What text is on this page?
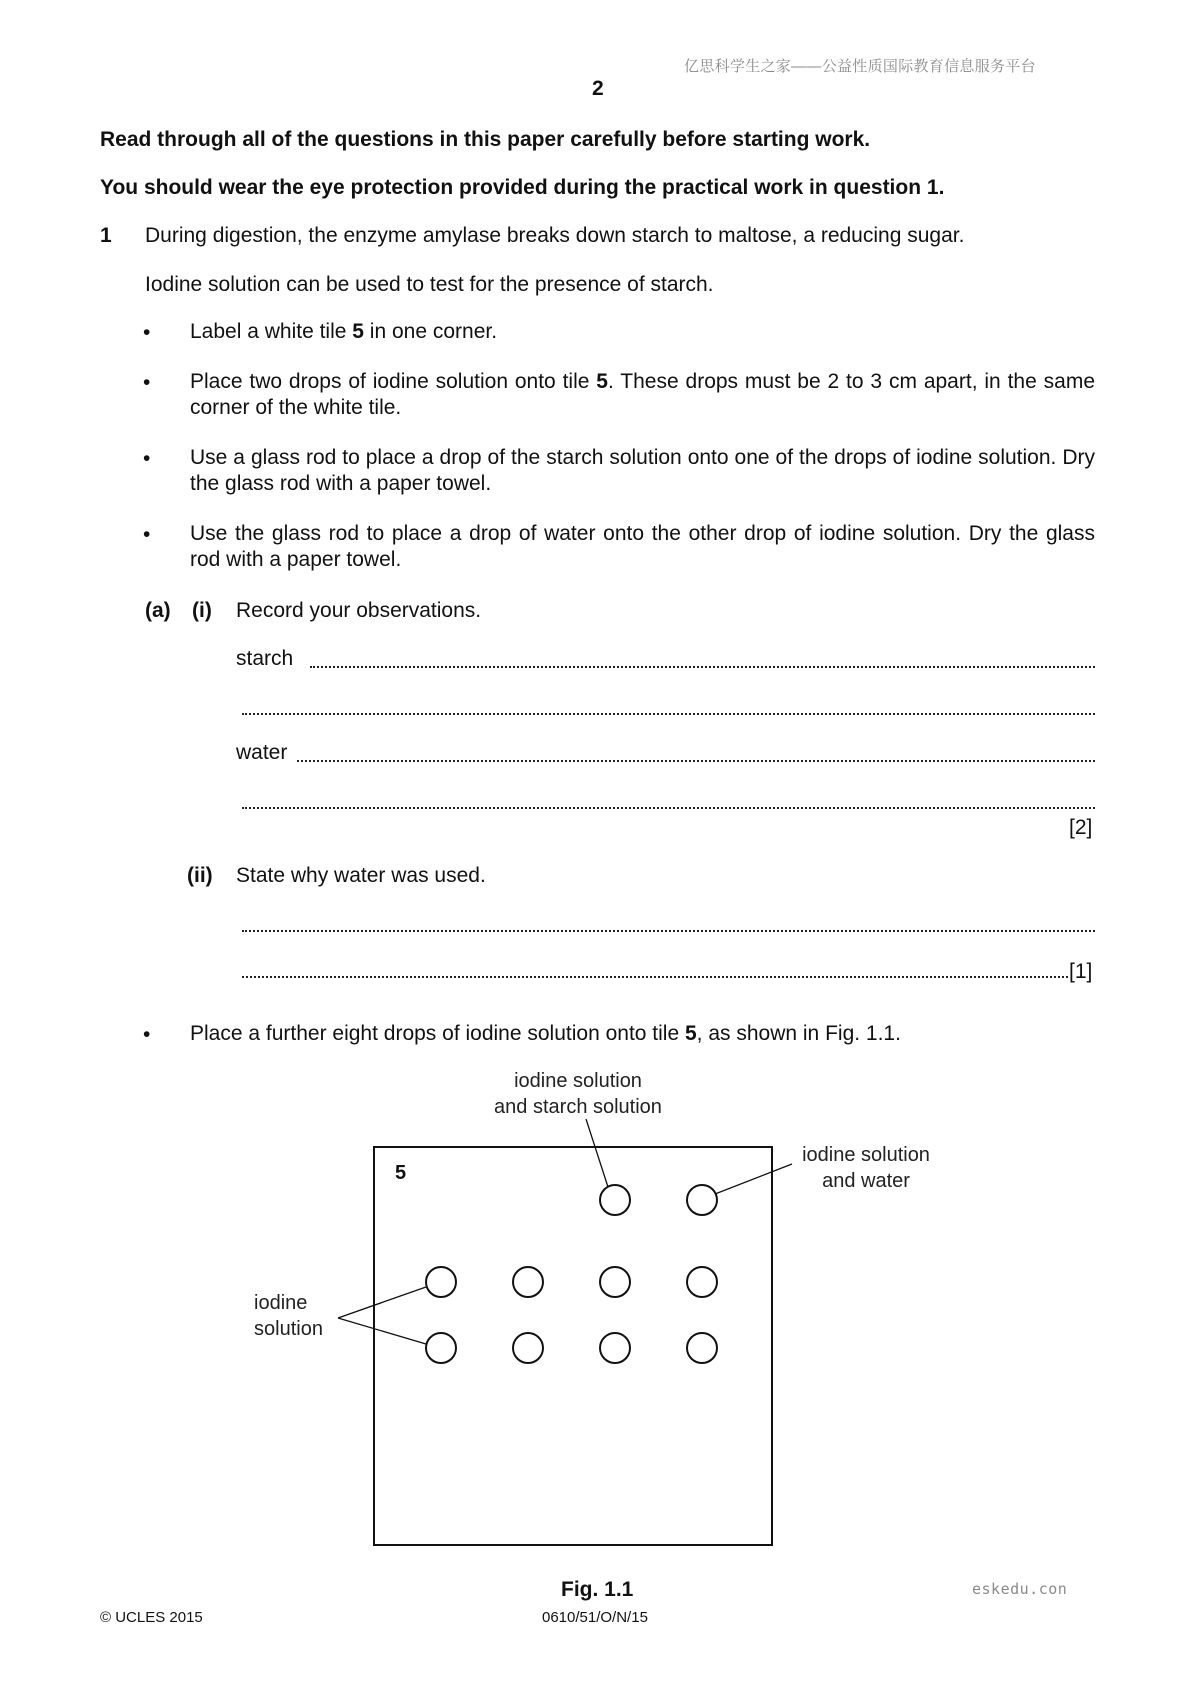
亿思科学生之家——公益性质国际教育信息服务平台
2
Read through all of the questions in this paper carefully before starting work.
You should wear the eye protection provided during the practical work in question 1.
1 During digestion, the enzyme amylase breaks down starch to maltose, a reducing sugar.
Iodine solution can be used to test for the presence of starch.
• Label a white tile 5 in one corner.
• Place two drops of iodine solution onto tile 5. These drops must be 2 to 3 cm apart, in the same corner of the white tile.
• Use a glass rod to place a drop of the starch solution onto one of the drops of iodine solution. Dry the glass rod with a paper towel.
• Use the glass rod to place a drop of water onto the other drop of iodine solution. Dry the glass rod with a paper towel.
(a) (i) Record your observations.
starch
water
[2]
(ii) State why water was used.
[1]
• Place a further eight drops of iodine solution onto tile 5, as shown in Fig. 1.1.
5
iodine solution
and starch solution
iodine solution
and water
iodine
solution
Fig. 1.1	eskedu.con
© UCLES 2015	0610/51/O/N/15
